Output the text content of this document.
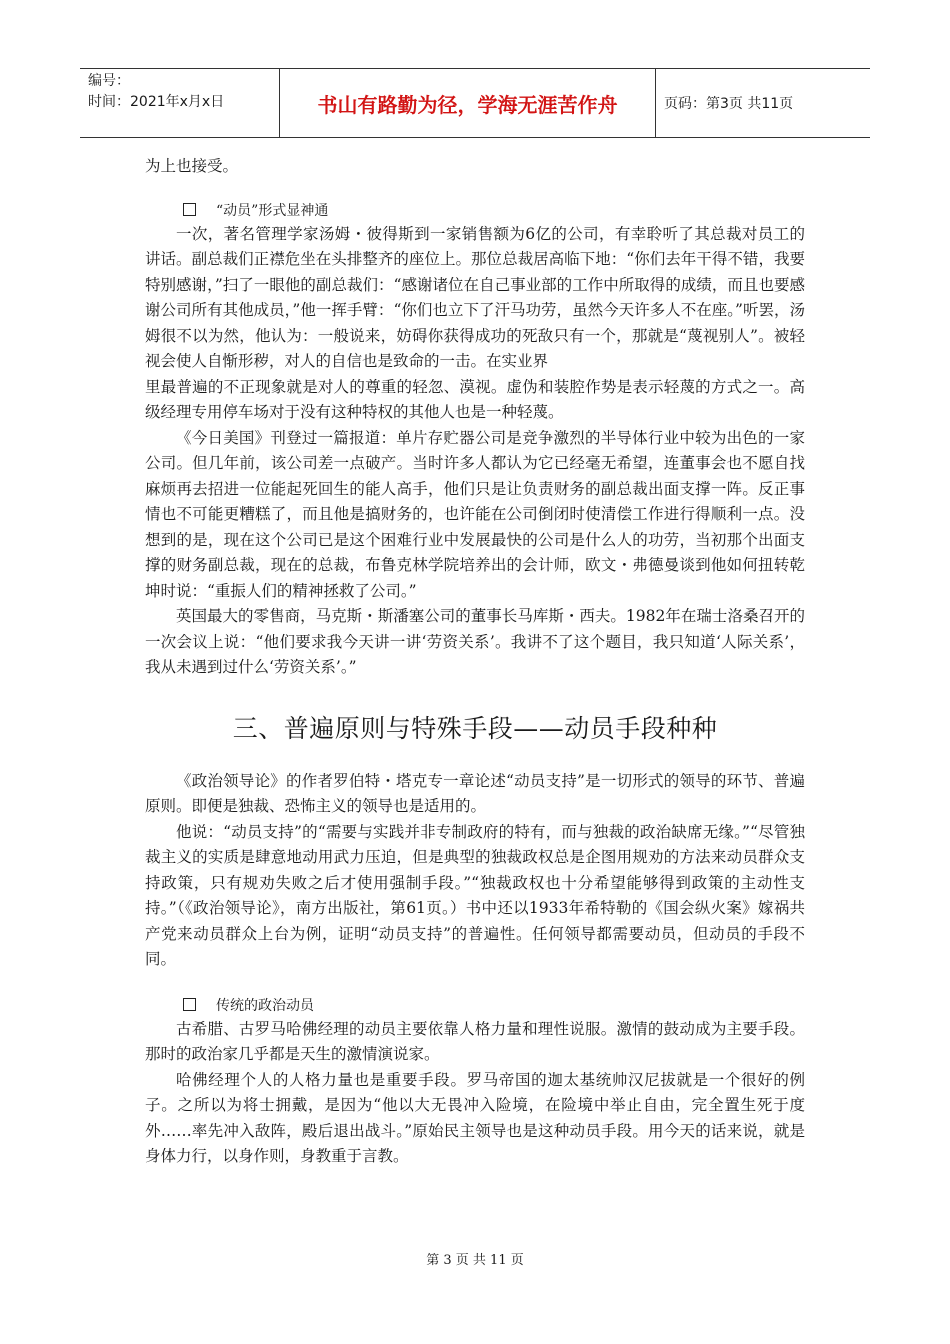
编号：
时间：2021年x月x日	书山有路勤为径，学海无涯苦作舟	页码：第3页 共11页

为上也接受。

“动员”形式显神通

一次，著名管理学家汤姆・彼得斯到一家销售额为6亿的公司，有幸聆听了其总裁对员工的讲话。副总裁们正襟危坐在头排整齐的座位上。那位总裁居高临下地：“你们去年干得不错，我要特别感谢，”扫了一眼他的副总裁们：“感谢诸位在自己事业部的工作中所取得的成绩，而且也要感谢公司所有其他成员，”他一挥手臂：“你们也立下了汗马功劳，虽然今天许多人不在座。”听罢，汤姆很不以为然，他认为：一般说来，妨碍你获得成功的死敌只有一个，那就是“蔑视别人”。被轻视会使人自惭形秽，对人的自信也是致命的一击。在实业界

里最普遍的不正现象就是对人的尊重的轻忽、漠视。虚伪和装腔作势是表示轻蔑的方式之一。高级经理专用停车场对于没有这种特权的其他人也是一种轻蔑。

《今日美国》刊登过一篇报道：单片存贮器公司是竞争激烈的半导体行业中较为出色的一家公司。但几年前，该公司差一点破产。当时许多人都认为它已经毫无希望，连董事会也不愿自找麻烦再去招进一位能起死回生的能人高手，他们只是让负责财务的副总裁出面支撑一阵。反正事情也不可能更糟糕了，而且他是搞财务的，也许能在公司倒闭时使清偿工作进行得顺利一点。没想到的是，现在这个公司已是这个困难行业中发展最快的公司是什么人的功劳，当初那个出面支撑的财务副总裁，现在的总裁，布鲁克林学院培养出的会计师，欧文・弗德曼谈到他如何扭转乾坤时说：“重振人们的精神拯救了公司。”

英国最大的零售商，马克斯・斯潘塞公司的董事长马库斯・西夫。1982年在瑞士洛桑召开的一次会议上说：“他们要求我今天讲一讲‘劳资关系’。我讲不了这个题目，我只知道‘人际关系’，我从未遇到过什么‘劳资关系’。”

三、普遍原则与特殊手段——动员手段种种

《政治领导论》的作者罗伯特・塔克专一章论述“动员支持”是一切形式的领导的环节、普遍原则。即便是独裁、恐怖主义的领导也是适用的。

他说：“动员支持”的“需要与实践并非专制政府的特有，而与独裁的政治缺席无缘。”“尽管独裁主义的实质是肆意地动用武力压迫，但是典型的独裁政权总是企图用规劝的方法来动员群众支持政策，只有规劝失败之后才使用强制手段。”“独裁政权也十分希望能够得到政策的主动性支持。”（《政治领导论》，南方出版社，第61页。）书中还以1933年希特勒的《国会纵火案》嫁祸共产党来动员群众上台为例，证明“动员支持”的普遍性。任何领导都需要动员，但动员的手段不同。

传统的政治动员

古希腊、古罗马哈佛经理的动员主要依靠人格力量和理性说服。激情的鼓动成为主要手段。那时的政治家几乎都是天生的激情演说家。

哈佛经理个人的人格力量也是重要手段。罗马帝国的迦太基统帅汉尼拔就是一个很好的例子。之所以为将士拥戴，是因为“他以大无畏冲入险境，在险境中举止自由，完全置生死于度外……率先冲入敌阵，殿后退出战斗。”原始民主领导也是这种动员手段。用今天的话来说，就是身体力行，以身作则，身教重于言教。

第 3 页 共 11 页
